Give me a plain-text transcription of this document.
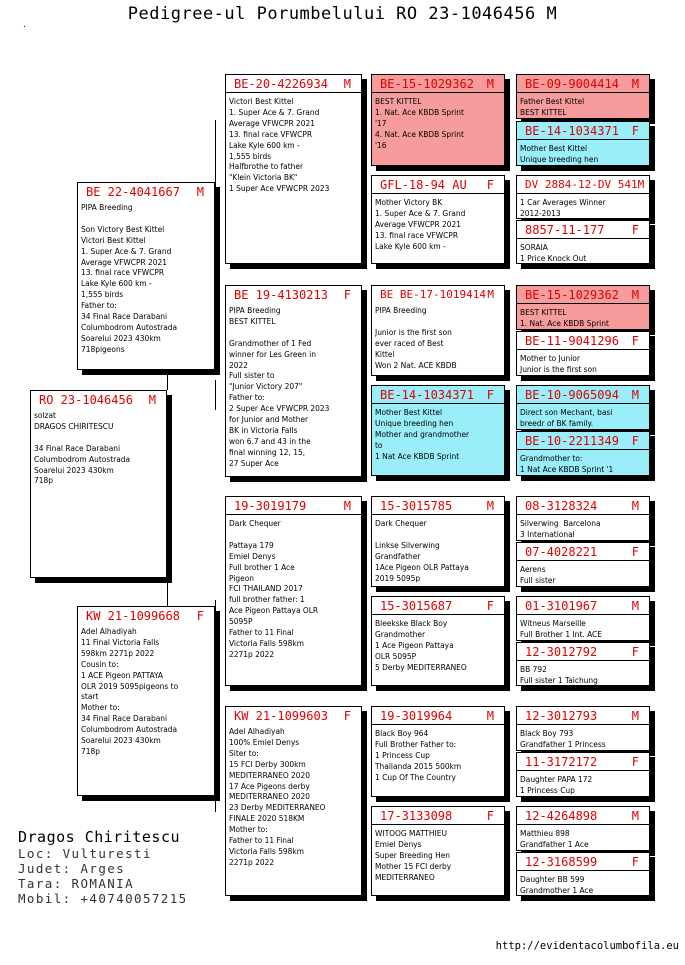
Pedigree-ul Porumbelului RO 23-1046456 M
·
RO 23-1046456 M
solzat
DRAGOS CHIRITESCU

34 Final Race Darabani
Columbodrom Autostrada
Soarelui 2023 430km
718p
BE 22-4041667 M
PIPA Breeding

Son Victory Best Kittel
Victori Best Kittel
1. Super Ace & 7. Grand
Average VFWCPR 2021
13. final race VFWCPR
Lake Kyle 600 km -
1,555 birds
Father to:
34 Final Race Darabani
Columbodrom Autostrada
Soarelui 2023 430km
718pigeons
KW 21-1099668 F
Adel Alhadiyah
11 Final Victoria Falls
598km 2271p 2022
Cousin to:
1 ACE Pigeon PATTAYA
OLR 2019 5095pigeons to
start
Mother to:
34 Final Race Darabani
Columbodrom Autostrada
Soarelui 2023 430km
718p
BE-20-4226934 M
Victori Best Kittel
1. Super Ace & 7. Grand
Average VFWCPR 2021
13. final race VFWCPR
Lake Kyle 600 km -
1,555 birds
Halfbrothe to father
"Klein Victoria BK"
1 Super Ace VFWCPR 2023
BE 19-4130213 F
PIPA Breeding
BEST KITTEL

Grandmother of 1 Fed
winner for Les Green in
2022
Full sister to
"Junior Victory 207"
Father to:
2 Super Ace VFWCPR 2023
for Junior and Mother
BK in Victoria Falls
won 6.7 and 43 in the
final winning 12, 15,
27 Super Ace
19-3019179	M
Dark Chequer

Pattaya 179
Emiel Denys
Full brother 1 Ace
Pigeon
FCI THAILAND 2017
full brother father: 1
Ace Pigeon Pattaya OLR
5095P
Father to 11 Final
Victoria Falls 598km
2271p 2022
KW 21-1099603 F
Adel Alhadiyah
100% Emiel Denys
Siter to:
15 FCI Derby 300km
MEDITERRANEO 2020
17 Ace Pigeons derby
MEDITERRANEO 2020
23 Derby MEDITERRANEO
FINALE 2020 518KM
Mother to:
Father to 11 Final
Victoria Falls 598km
2271p 2022
BE-15-1029362 M
BEST KITTEL
1. Nat. Ace KBDB Sprint
'17
4. Nat. Ace KBDB Sprint
'16
GFL-18-94 AU F
Mother Victory BK
1. Super Ace & 7. Grand
Average VFWCPR 2021
13. final race VFWCPR
Lake Kyle 600 km -
BE BE-17-1019414 M
PIPA Breeding

Junior is the first son
ever raced of Best
Kittel
Won 2 Nat. ACE KBDB
BE-14-1034371 F
Mother Best Kittel
Unique breeding hen
Mother and grandmother
to
1 Nat Ace KBDB Sprint
15-3015785	M
Dark Chequer

Linkse Silverwing
Grandfather
1Ace Pigeon OLR Pattaya
2019 5095p
15-3015687	F
Bleekske Black Boy
Grandmother
1 Ace Pigeon Pattaya
OLR 5095P
5 Derby MEDITERRANEO
19-3019964	M
Black Boy 964
Full Brother Father to:
1 Princess Cup
Thailanda 2015 500km
1 Cup Of The Country
17-3133098	F
WITOOG MATTHIEU
Emiel Denys
Super Breeding Hen
Mother 15 FCI derby
MEDITERRANEO
BE-09-9004414 M
Father Best Kittel
BEST KITTEL
BE-14-1034371 F
Mother Best Kittel
Unique breeding hen
DV 2884-12-DV 541 M
1 Car Averages Winner
2012-2013
8857-11-177 F
SORAIA
1 Price Knock Out
BE-15-1029362 M
BEST KITTEL
1. Nat. Ace KBDB Sprint
BE-11-9041296 F
Mother to Junior
Junior is the first son
BE-10-9065094 M
Direct son Mechant, basi
breedr of BK family.
BE-10-2211349 F
Grandmother to:
1 Nat Ace KBDB Sprint '1
08-3128324	M
Silverwing  Barcelona
3 International
07-4028221	F
Aerens
Full sister
01-3101967	M
Witneus Marseille
Full Brother 1 Int. ACE
12-3012792	F
BB 792
Full sister 1 Taichung
12-3012793	M
Black Boy 793
Grandfather 1 Princess
11-3172172	F
Daughter PAPA 172
1 Princess Cup
12-4264898	M
Matthieu 898
Grandfather 1 Ace
12-3168599	F
Daughter BB 599
Grandmother 1 Ace
Dragos Chiritescu
Loc: Vulturesti
Judet: Arges
Tara: ROMANIA
Mobil: +40740057215
http://evidentacolumbofila.eu
